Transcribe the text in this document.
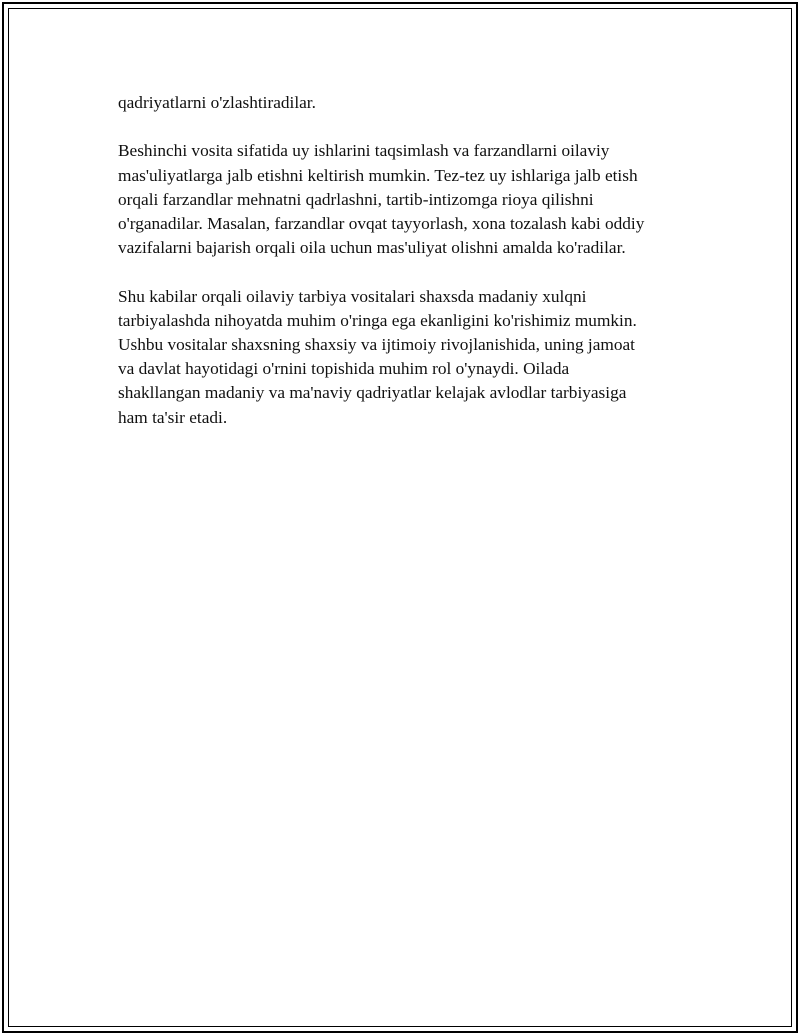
qadriyatlarni o'zlashtiradilar.

Beshinchi vosita sifatida uy ishlarini taqsimlash va farzandlarni oilaviy
mas'uliyatlarga jalb etishni keltirish mumkin. Tez-tez uy ishlariga jalb etish
orqali farzandlar mehnatni qadrlashni, tartib-intizomga rioya qilishni
o'rganadilar. Masalan, farzandlar ovqat tayyorlash, xona tozalash kabi oddiy
vazifalarni bajarish orqali oila uchun mas'uliyat olishni amalda ko'radilar.

Shu kabilar orqali oilaviy tarbiya vositalari shaxsda madaniy xulqni
tarbiyalashda nihoyatda muhim o'ringa ega ekanligini ko'rishimiz mumkin.
Ushbu vositalar shaxsning shaxsiy va ijtimoiy rivojlanishida, uning jamoat
va davlat hayotidagi o'rnini topishida muhim rol o'ynaydi. Oilada
shakllangan madaniy va ma'naviy qadriyatlar kelajak avlodlar tarbiyasiga
ham ta'sir etadi.
